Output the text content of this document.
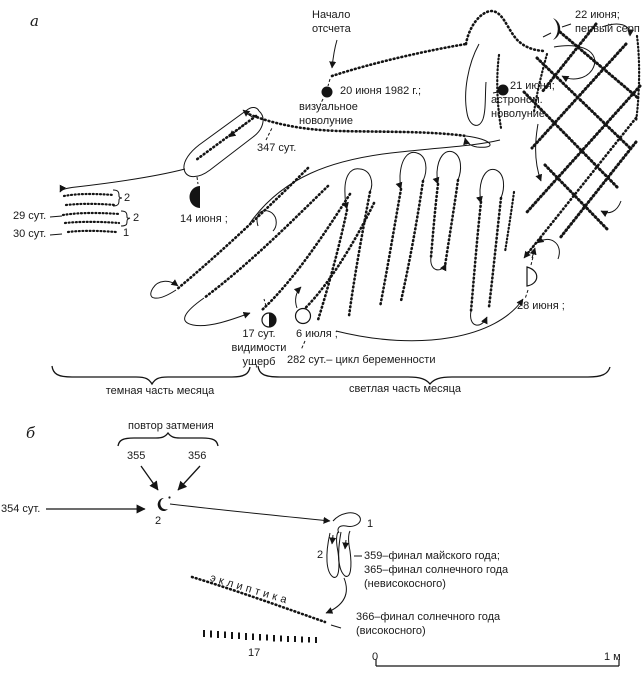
а	Начало
отсчета
20 июня 1982 г.;
визуальное
новолуние
22 июня;
первый серп
21 июня;
астроном.
новолуние
347 сут.
14 июня ;
29 сут.
30 сут.
2
2
1
28 июня ;
17 сут.
видимости
ущерб
6 июля ;
282 сут.– цикл беременности
темная часть месяца	светлая часть месяца
б	повтор затмения
355	356
354 сут.
2	1
2	359–финал майского года;
365–финал солнечного года
(невисокосного)
366–финал солнечного года
(високосного)
эклиптика
17	0	1 м
